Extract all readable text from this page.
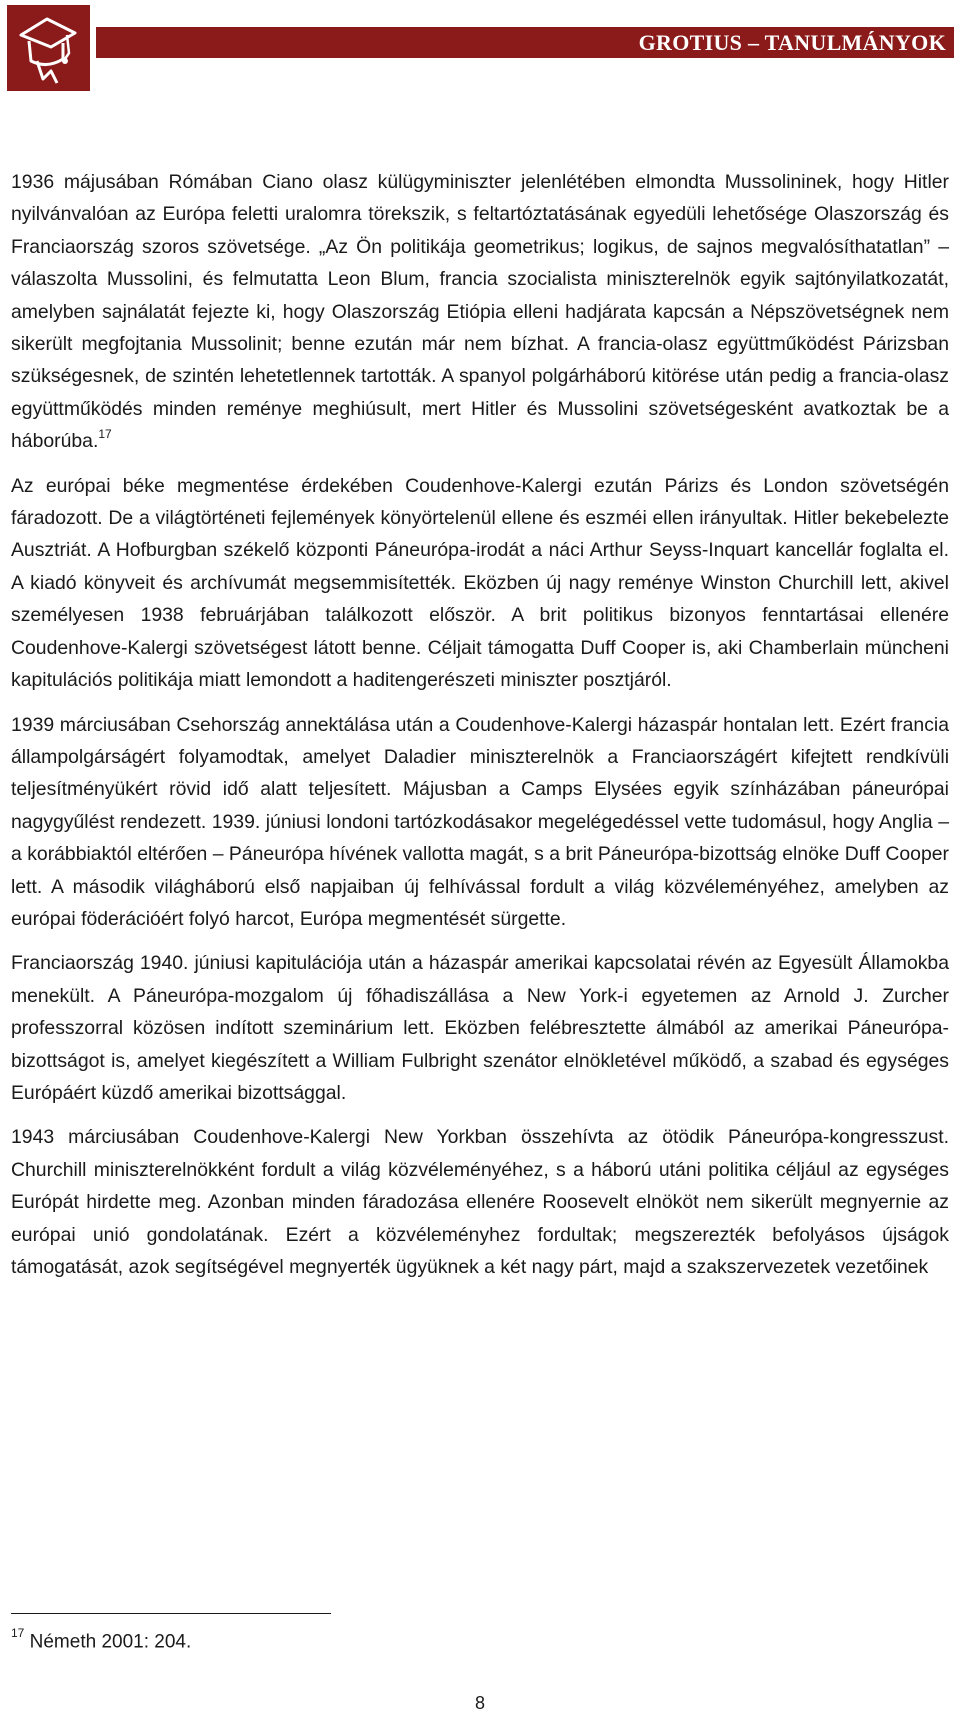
GROTIUS – TANULMÁNYOK

1936 májusában Rómában Ciano olasz külügyminiszter jelenlétében elmondta Mussolininek, hogy Hitler nyilvánvalóan az Európa feletti uralomra törekszik, s feltartóztatásának egyedüli lehetősége Olaszország és Franciaország szoros szövetsége. „Az Ön politikája geometrikus; logikus, de sajnos megvalósíthatatlan” – válaszolta Mussolini, és felmutatta Leon Blum, francia szocialista miniszterelnök egyik sajtónyilatkozatát, amelyben sajnálatát fejezte ki, hogy Olaszország Etiópia elleni hadjárata kapcsán a Népszövetségnek nem sikerült megfojtania Mussolinit; benne ezután már nem bízhat. A francia-olasz együttműködést Párizsban szükségesnek, de szintén lehetetlennek tartották. A spanyol polgárháború kitörése után pedig a francia-olasz együttműködés minden reménye meghiúsult, mert Hitler és Mussolini szövetségesként avatkoztak be a háborúba.$^{17}$

Az európai béke megmentése érdekében Coudenhove-Kalergi ezután Párizs és London szövetségén fáradozott. De a világtörténeti fejlemények könyörtelenül ellene és eszméi ellen irányultak. Hitler bekebelezte Ausztriát. A Hofburgban székelő központi Páneurópa-irodát a náci Arthur Seyss-Inquart kancellár foglalta el. A kiadó könyveit és archívumát megsemmisítették. Eközben új nagy reménye Winston Churchill lett, akivel személyesen 1938 februárjában találkozott először. A brit politikus bizonyos fenntartásai ellenére Coudenhove-Kalergi szövetségest látott benne. Céljait támogatta Duff Cooper is, aki Chamberlain müncheni kapitulációs politikája miatt lemondott a haditengerészeti miniszter posztjáról.

1939 márciusában Csehország annektálása után a Coudenhove-Kalergi házaspár hontalan lett. Ezért francia állampolgárságért folyamodtak, amelyet Daladier miniszterelnök a Franciaországért kifejtett rendkívüli teljesítményükért rövid idő alatt teljesített. Májusban a Camps Elysées egyik színházában páneurópai nagygyűlést rendezett. 1939. júniusi londoni tartózkodásakor megelégedéssel vette tudomásul, hogy Anglia – a korábbiaktól eltérően – Páneurópa hívének vallotta magát, s a brit Páneurópa-bizottság elnöke Duff Cooper lett. A második világháború első napjaiban új felhívással fordult a világ közvéleményéhez, amelyben az európai föderációért folyó harcot, Európa megmentését sürgette.

Franciaország 1940. júniusi kapitulációja után a házaspár amerikai kapcsolatai révén az Egyesült Államokba menekült. A Páneurópa-mozgalom új főhadiszállása a New York-i egyetemen az Arnold J. Zurcher professzorral közösen indított szeminárium lett. Eközben felébresztette álmából az amerikai Páneurópa-bizottságot is, amelyet kiegészített a William Fulbright szenátor elnökletével működő, a szabad és egységes Európáért küzdő amerikai bizottsággal.

1943 márciusában Coudenhove-Kalergi New Yorkban összehívta az ötödik Páneurópa-kongresszust. Churchill miniszterelnökként fordult a világ közvéleményéhez, s a háború utáni politika céljául az egységes Európát hirdette meg. Azonban minden fáradozása ellenére Roosevelt elnököt nem sikerült megnyernie az európai unió gondolatának. Ezért a közvéleményhez fordultak; megszerezték befolyásos újságok támogatását, azok segítségével megnyerték ügyüknek a két nagy párt, majd a szakszervezetek vezetőinek

$^{17}$ Németh 2001: 204.
8
